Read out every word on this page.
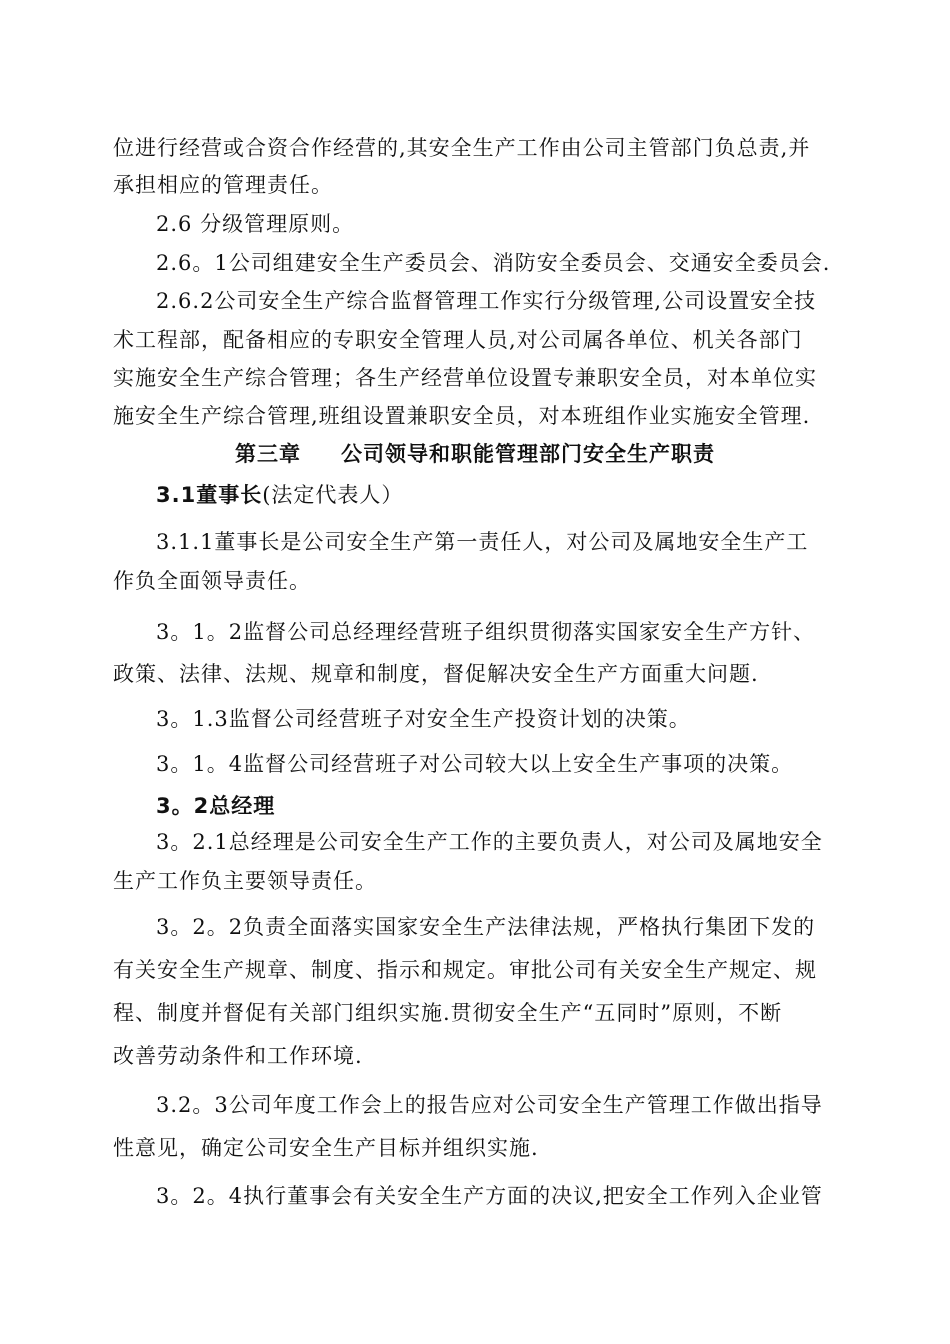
位进行经营或合资合作经营的,其安全生产工作由公司主管部门负总责,并
承担相应的管理责任。
2.6 分级管理原则。
2.6。1公司组建安全生产委员会、消防安全委员会、交通安全委员会.
2.6.2公司安全生产综合监督管理工作实行分级管理,公司设置安全技
术工程部，配备相应的专职安全管理人员,对公司属各单位、机关各部门
实施安全生产综合管理；各生产经营单位设置专兼职安全员，对本单位实
施安全生产综合管理,班组设置兼职安全员，对本班组作业实施安全管理.
第三章 公司领导和职能管理部门安全生产职责
3.1董事长(法定代表人）
3.1.1董事长是公司安全生产第一责任人，对公司及属地安全生产工
作负全面领导责任。
3。1。2监督公司总经理经营班子组织贯彻落实国家安全生产方针、
政策、法律、法规、规章和制度，督促解决安全生产方面重大问题.
3。1.3监督公司经营班子对安全生产投资计划的决策。
3。1。4监督公司经营班子对公司较大以上安全生产事项的决策。
3。2总经理
3。2.1总经理是公司安全生产工作的主要负责人，对公司及属地安全
生产工作负主要领导责任。
3。2。2负责全面落实国家安全生产法律法规，严格执行集团下发的
有关安全生产规章、制度、指示和规定。审批公司有关安全生产规定、规
程、制度并督促有关部门组织实施.贯彻安全生产“五同时”原则，不断
改善劳动条件和工作环境.
3.2。3公司年度工作会上的报告应对公司安全生产管理工作做出指导
性意见，确定公司安全生产目标并组织实施.
3。2。4执行董事会有关安全生产方面的决议,把安全工作列入企业管
